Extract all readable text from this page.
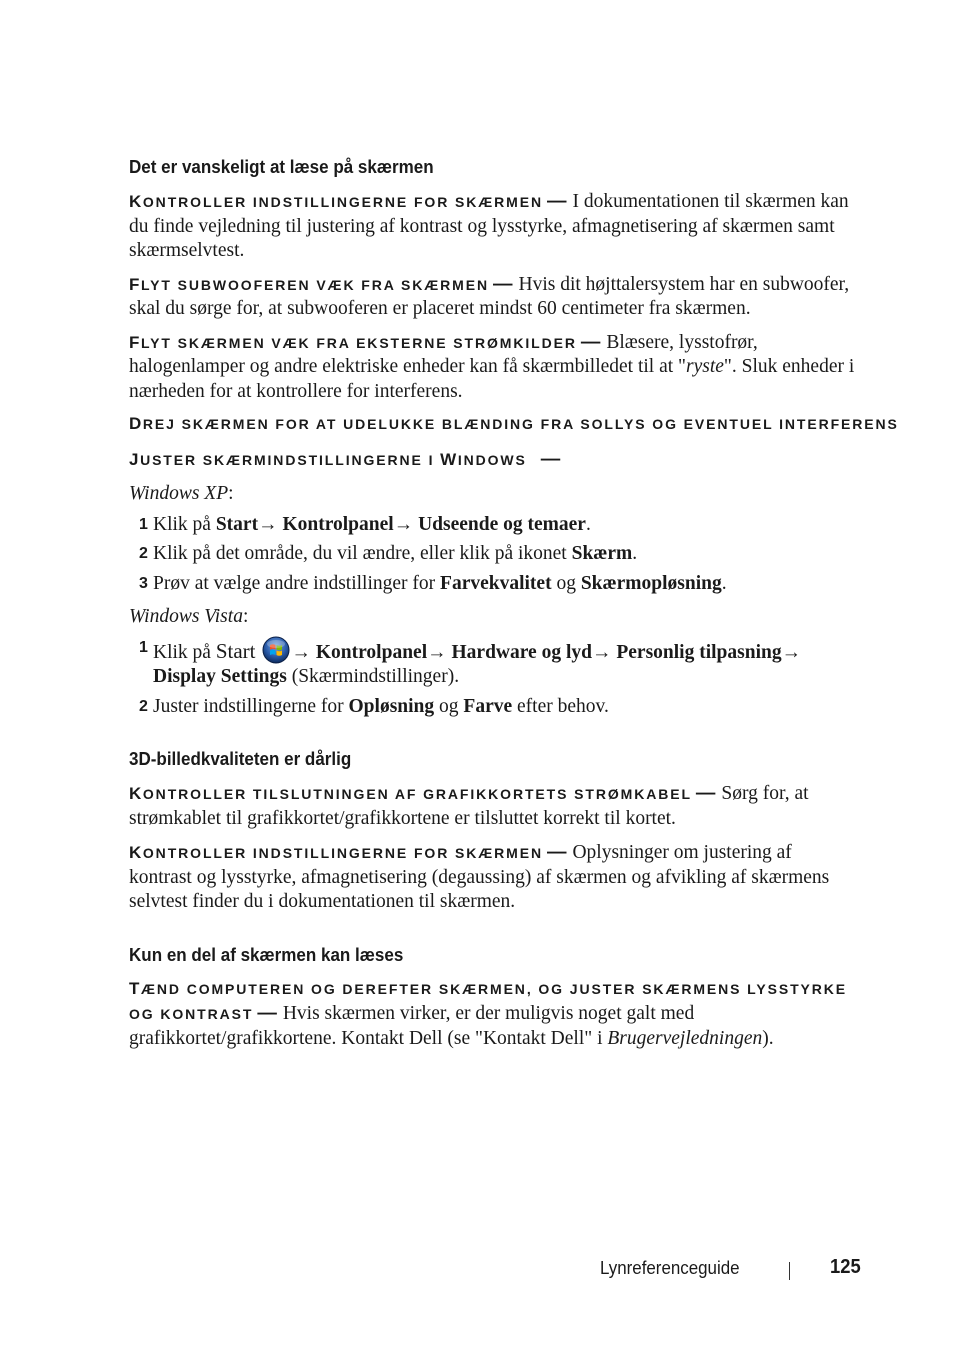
Det er vanskeligt at læse på skærmen

KONTROLLER INDSTILLINGERNE FOR SKÆRMEN — I dokumentationen til skærmen kan du finde vejledning til justering af kontrast og lysstyrke, afmagnetisering af skærmen samt skærmselvtest.

FLYT SUBWOOFEREN VÆK FRA SKÆRMEN — Hvis dit højttalersystem har en subwoofer, skal du sørge for, at subwooferen er placeret mindst 60 centimeter fra skærmen.

FLYT SKÆRMEN VÆK FRA EKSTERNE STRØMKILDER — Blæsere, lysstofrør, halogenlamper og andre elektriske enheder kan få skærmbilledet til at "ryste". Sluk enheder i nærheden for at kontrollere for interferens.

DREJ SKÆRMEN FOR AT UDELUKKE BLÆNDING FRA SOLLYS OG EVENTUEL INTERFERENS

JUSTER SKÆRMINDSTILLINGERNE I WINDOWS —

Windows XP:

1 Klik på Start→ Kontrolpanel→ Udseende og temaer.
2 Klik på det område, du vil ændre, eller klik på ikonet Skærm.
3 Prøv at vælge andre indstillinger for Farvekvalitet og Skærmopløsning.

Windows Vista:

1 Klik på Start → Kontrolpanel→ Hardware og lyd→ Personlig tilpasning→
Display Settings (Skærmindstillinger).
2 Juster indstillingerne for Opløsning og Farve efter behov.
3D-billedkvaliteten er dårlig

KONTROLLER TILSLUTNINGEN AF GRAFIKKORTETS STRØMKABEL — Sørg for, at strømkablet til grafikkortet/grafikkortene er tilsluttet korrekt til kortet.

KONTROLLER INDSTILLINGERNE FOR SKÆRMEN — Oplysninger om justering af kontrast og lysstyrke, afmagnetisering (degaussing) af skærmen og afvikling af skærmens selvtest finder du i dokumentationen til skærmen.

Kun en del af skærmen kan læses

TÆND COMPUTEREN OG DEREFTER SKÆRMEN, OG JUSTER SKÆRMENS LYSSTYRKE OG KONTRAST — Hvis skærmen virker, er der muligvis noget galt med grafikkortet/grafikkortene. Kontakt Dell (se "Kontakt Dell" i Brugervejledningen).

Lynreferenceguide	125
